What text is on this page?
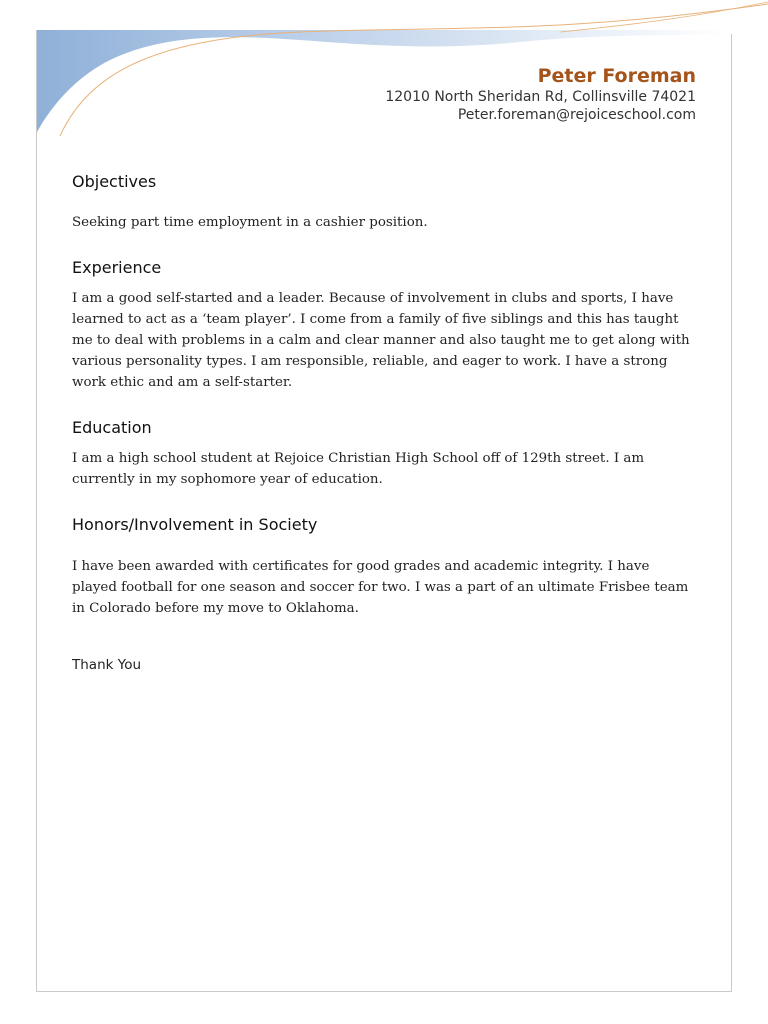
Peter Foreman
12010 North Sheridan Rd, Collinsville 74021
Peter.foreman@rejoiceschool.com
Objectives

Seeking part time employment in a cashier position.

Experience

I am a good self-started and a leader. Because of involvement in clubs and sports, I have learned to act as a ‘team player’. I come from a family of five siblings and this has taught me to deal with problems in a calm and clear manner and also taught me to get along with various personality types. I am responsible, reliable, and eager to work. I have a strong work ethic and am a self-starter.

Education

I am a high school student at Rejoice Christian High School off of 129th street. I am currently in my sophomore year of education.

Honors/Involvement in Society

I have been awarded with certificates for good grades and academic integrity. I have played football for one season and soccer for two. I was a part of an ultimate Frisbee team in Colorado before my move to Oklahoma.

Thank You
